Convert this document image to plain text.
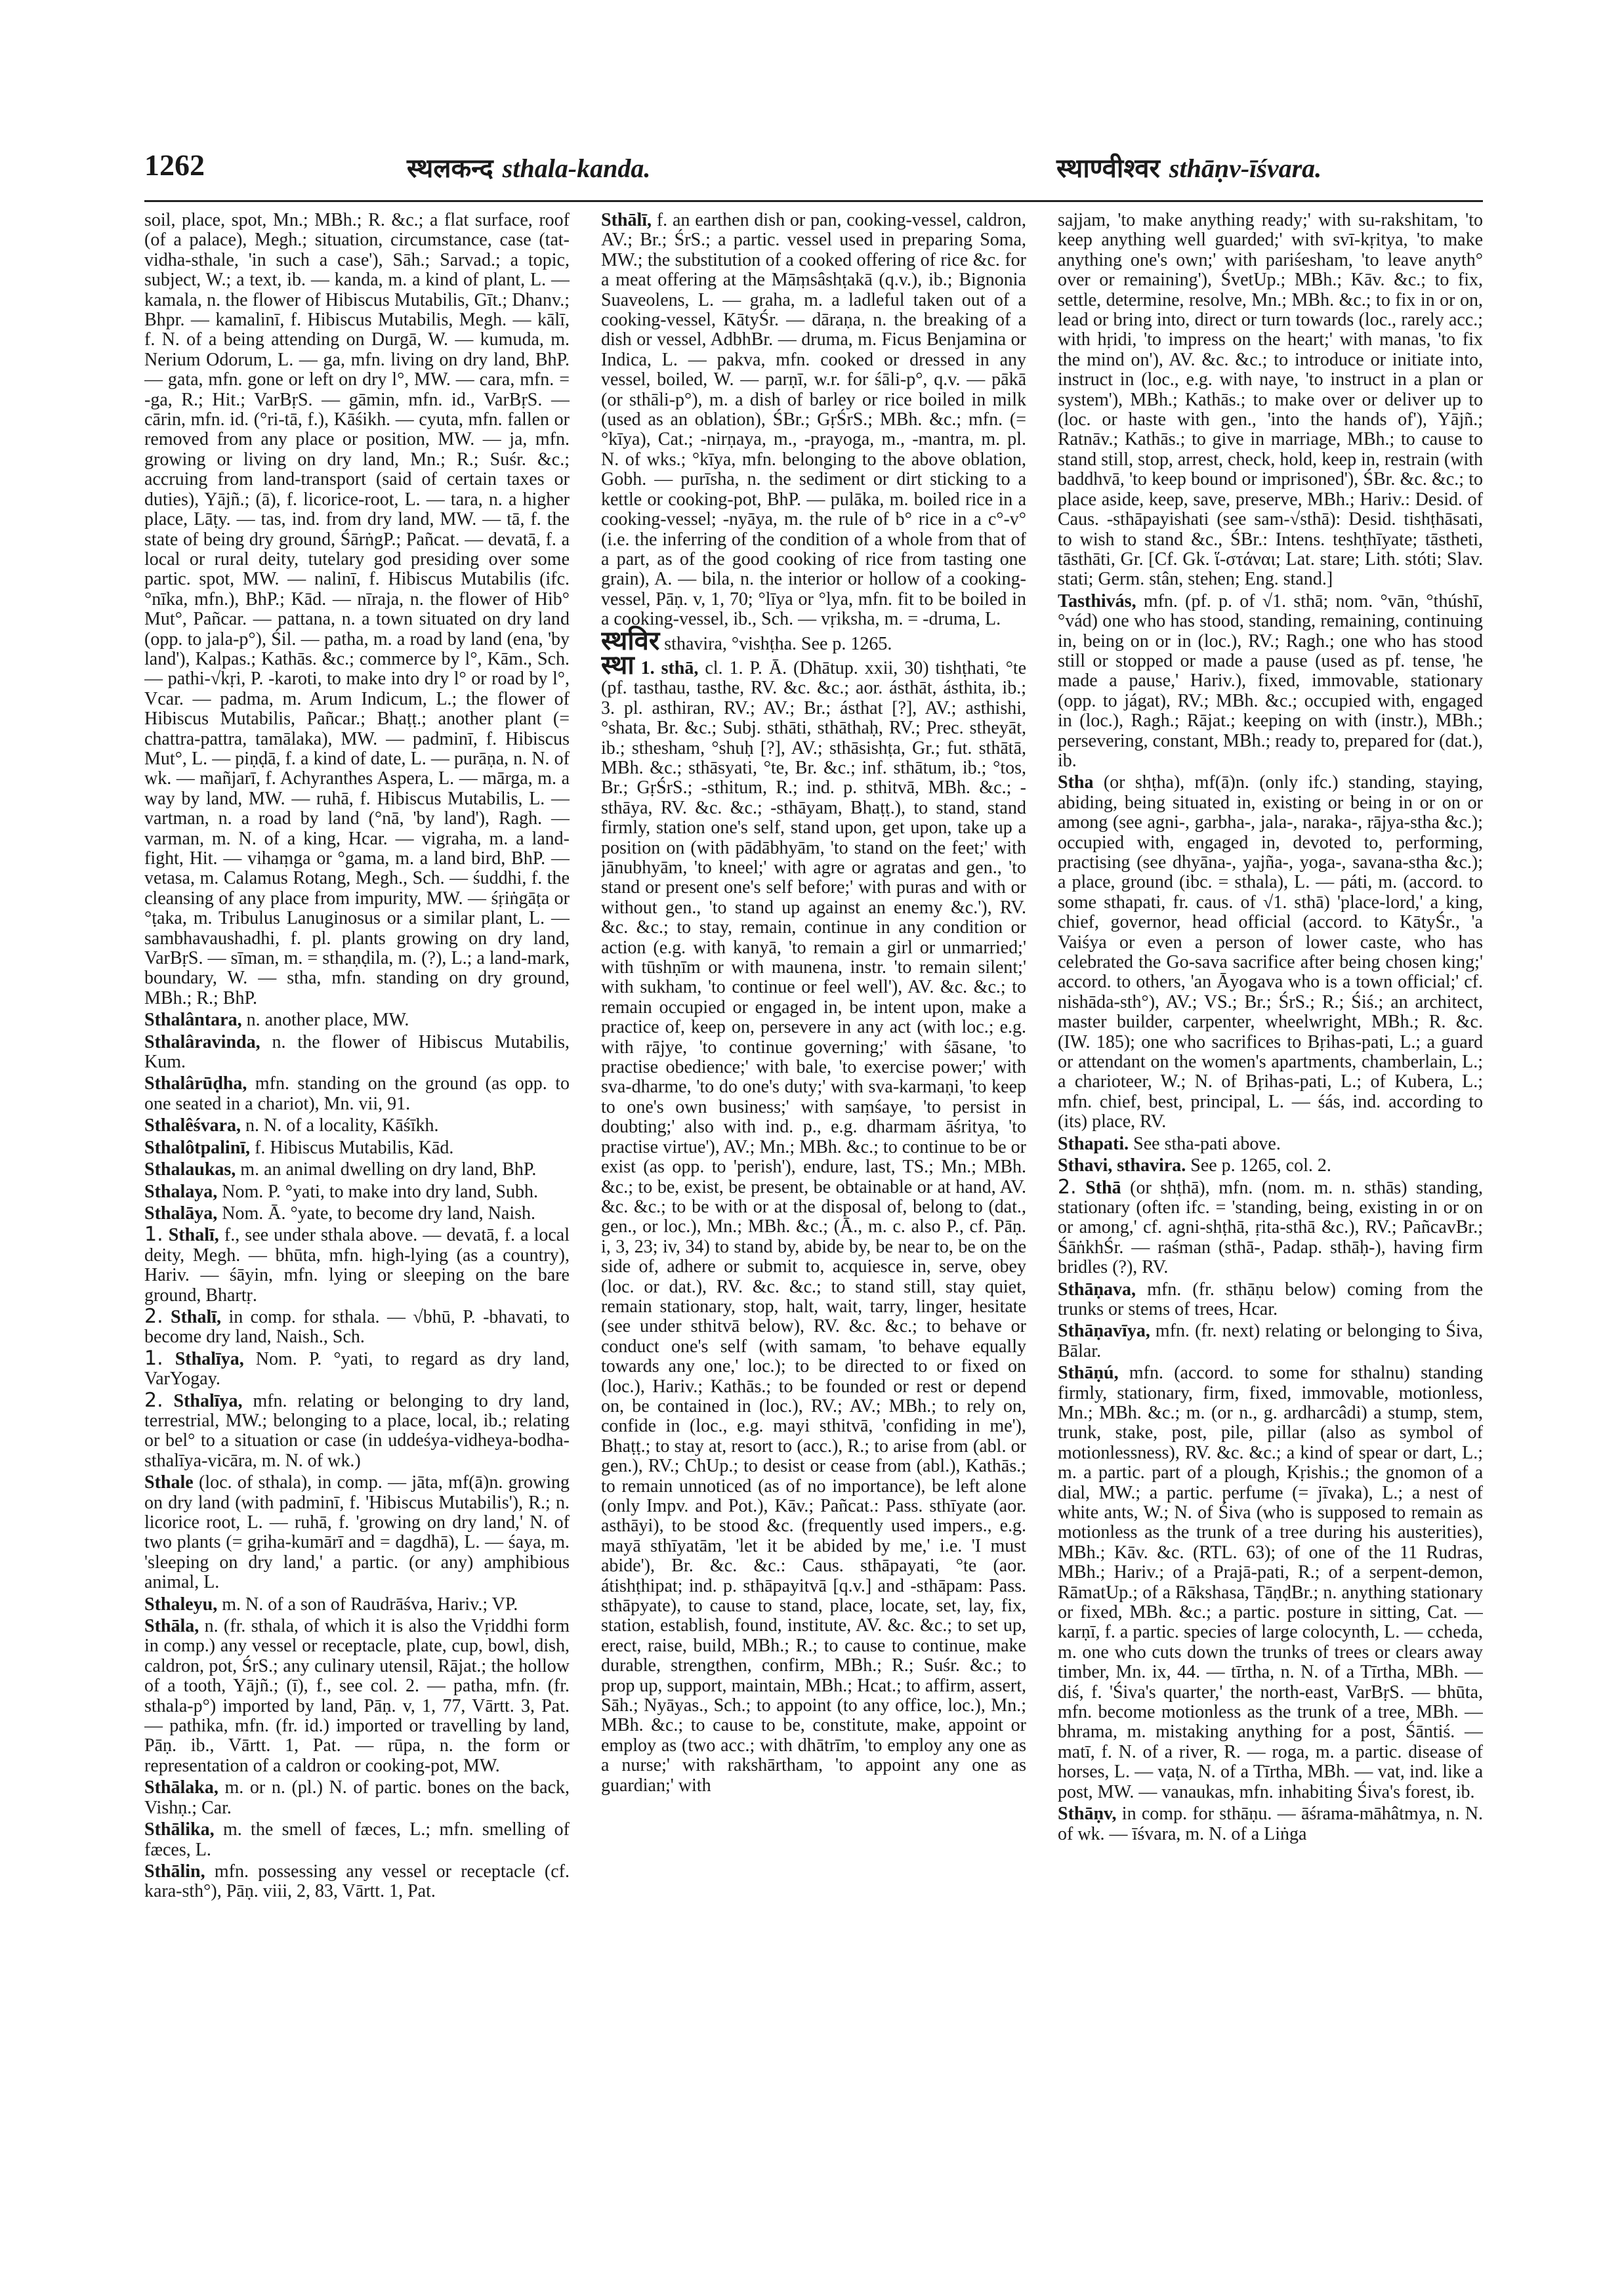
1262	स्थलकन्द sthala-kanda.	स्थाण्वीश्वर sthāṇv-īśvara.

soil, place, spot, Mn.; MBh.; R. &c.; a flat surface, roof (of a palace), Megh.; situation, circumstance, case (tat-vidha-sthale, 'in such a case'), Sāh.; Sarvad.; a topic, subject, W.; a text, ib. — kanda, m. a kind of plant, L. — kamala, n. the flower of Hibiscus Mutabilis, Gīt.; Dhanv.; Bhpr. — kamalinī, f. Hibiscus Mutabilis, Megh. — kālī, f. N. of a being attending on Durgā, W. — kumuda, m. Nerium Odorum, L. — ga, mfn. living on dry land, BhP. — gata, mfn. gone or left on dry l°, MW. — cara, mfn. = -ga, R.; Hit.; VarBṛS. — gāmin, mfn. id., VarBṛS. — cārin, mfn. id. (°ri-tā, f.), Kāśikh. — cyuta, mfn. fallen or removed from any place or position, MW. — ja, mfn. growing or living on dry land, Mn.; R.; Suśr. &c.; accruing from land-transport (said of certain taxes or duties), Yājñ.; (ā), f. licorice-root, L. — tara, n. a higher place, Lāṭy. — tas, ind. from dry land, MW. — tā, f. the state of being dry ground, ŚārṅgP.; Pañcat. — devatā, f. a local or rural deity, tutelary god presiding over some partic. spot, MW. — nalinī, f. Hibiscus Mutabilis (ifc. °nīka, mfn.), BhP.; Kād. — nīraja, n. the flower of Hib° Mut°, Pañcar. — pattana, n. a town situated on dry land (opp. to jala-p°), Śil. — patha, m. a road by land (ena, 'by land'), Kalpas.; Kathās. &c.; commerce by l°, Kām., Sch. — pathi-√kṛi, P. -karoti, to make into dry l° or road by l°, Vcar. — padma, m. Arum Indicum, L.; the flower of Hibiscus Mutabilis, Pañcar.; Bhaṭṭ.; another plant (= chattra-pattra, tamālaka), MW. — padminī, f. Hibiscus Mut°, L. — piṇḍā, f. a kind of date, L. — purāṇa, n. N. of wk. — mañjarī, f. Achyranthes Aspera, L. — mārga, m. a way by land, MW. — ruhā, f. Hibiscus Mutabilis, L. — vartman, n. a road by land (°nā, 'by land'), Ragh. — varman, m. N. of a king, Hcar. — vigraha, m. a land-fight, Hit. — vihaṃga or °gama, m. a land bird, BhP. — vetasa, m. Calamus Rotang, Megh., Sch. — śuddhi, f. the cleansing of any place from impurity, MW. — śṛiṅgāṭa or °ṭaka, m. Tribulus Lanuginosus or a similar plant, L. — sambhavaushadhi, f. pl. plants growing on dry land, VarBṛS. — sīman, m. = sthaṇḍila, m. (?), L.; a land-mark, boundary, W. — stha, mfn. standing on dry ground, MBh.; R.; BhP.

Sthalântara, n. another place, MW.

Sthalâravinda, n. the flower of Hibiscus Mutabilis, Kum.

Sthalârūḍha, mfn. standing on the ground (as opp. to one seated in a chariot), Mn. vii, 91.

Sthalêśvara, n. N. of a locality, Kāśīkh.

Sthalôtpalinī, f. Hibiscus Mutabilis, Kād.

Sthalaukas, m. an animal dwelling on dry land, BhP.

Sthalaya, Nom. P. °yati, to make into dry land, Subh.

Sthalāya, Nom. Ā. °yate, to become dry land, Naish.

1. Sthalī, f., see under sthala above. — devatā, f. a local deity, Megh. — bhūta, mfn. high-lying (as a country), Hariv. — śāyin, mfn. lying or sleeping on the bare ground, Bhartṛ.

2. Sthalī, in comp. for sthala. — √bhū, P. -bhavati, to become dry land, Naish., Sch.

1. Sthalīya, Nom. P. °yati, to regard as dry land, VarYogay.

2. Sthalīya, mfn. relating or belonging to dry land, terrestrial, MW.; belonging to a place, local, ib.; relating or bel° to a situation or case (in uddeśya-vidheya-bodha-sthalīya-vicāra, m. N. of wk.)

Sthale (loc. of sthala), in comp. — jāta, mf(ā)n. growing on dry land (with padminī, f. 'Hibiscus Mutabilis'), R.; n. licorice root, L. — ruhā, f. 'growing on dry land,' N. of two plants (= gṛiha-kumārī and = dagdhā), L. — śaya, m. 'sleeping on dry land,' a partic. (or any) amphibious animal, L.

Sthaleyu, m. N. of a son of Raudrāśva, Hariv.; VP.

Sthāla, n. (fr. sthala, of which it is also the Vṛiddhi form in comp.) any vessel or receptacle, plate, cup, bowl, dish, caldron, pot, ŚrS.; any culinary utensil, Rājat.; the hollow of a tooth, Yājñ.; (ī), f., see col. 2. — patha, mfn. (fr. sthala-p°) imported by land, Pāṇ. v, 1, 77, Vārtt. 3, Pat. — pathika, mfn. (fr. id.) imported or travelling by land, Pāṇ. ib., Vārtt. 1, Pat. — rūpa, n. the form or representation of a caldron or cooking-pot, MW.

Sthālaka, m. or n. (pl.) N. of partic. bones on the back, Vishṇ.; Car.

Sthālika, m. the smell of fæces, L.; mfn. smelling of fæces, L.

Sthālin, mfn. possessing any vessel or receptacle (cf. kara-sth°), Pāṇ. viii, 2, 83, Vārtt. 1, Pat.

Sthālī, f. an earthen dish or pan, cooking-vessel, caldron, AV.; Br.; ŚrS.; a partic. vessel used in preparing Soma, MW.; the substitution of a cooked offering of rice &c. for a meat offering at the Māṃsâshṭakā (q.v.), ib.; Bignonia Suaveolens, L. — graha, m. a ladleful taken out of a cooking-vessel, KātyŚr. — dāraṇa, n. the breaking of a dish or vessel, AdbhBr. — druma, m. Ficus Benjamina or Indica, L. — pakva, mfn. cooked or dressed in any vessel, boiled, W. — parṇī, w.r. for śāli-p°, q.v. — pākā (or sthāli-p°), m. a dish of barley or rice boiled in milk (used as an oblation), ŚBr.; GṛŚrS.; MBh. &c.; mfn. (= °kīya), Cat.; -nirṇaya, m., -prayoga, m., -mantra, m. pl. N. of wks.; °kīya, mfn. belonging to the above oblation, Gobh. — purīsha, n. the sediment or dirt sticking to a kettle or cooking-pot, BhP. — pulāka, m. boiled rice in a cooking-vessel; -nyāya, m. the rule of b° rice in a c°-v° (i.e. the inferring of the condition of a whole from that of a part, as of the good cooking of rice from tasting one grain), A. — bila, n. the interior or hollow of a cooking-vessel, Pāṇ. v, 1, 70; °līya or °lya, mfn. fit to be boiled in a cooking-vessel, ib., Sch. — vṛiksha, m. = -druma, L.

स्थविर sthavira, °vishṭha. See p. 1265.

स्था 1. sthā, cl. 1. P. Ā. (Dhātup. xxii, 30) tishṭhati, °te (pf. tasthau, tasthe, RV. &c. &c.; aor. ásthāt, ásthita, ib.; 3. pl. asthiran, RV.; AV.; Br.; ásthat [?], AV.; asthishi, °shata, Br. &c.; Subj. sthāti, sthāthaḥ, RV.; Prec. stheyāt, ib.; sthesham, °shuḥ [?], AV.; sthāsishṭa, Gr.; fut. sthātā, MBh. &c.; sthāsyati, °te, Br. &c.; inf. sthātum, ib.; °tos, Br.; GṛŚrS.; -sthitum, R.; ind. p. sthitvā, MBh. &c.; -sthāya, RV. &c. &c.; -sthāyam, Bhaṭṭ.), to stand, stand firmly, station one's self, stand upon, get upon, take up a position on (with pādābhyām, 'to stand on the feet;' with jānubhyām, 'to kneel;' with agre or agratas and gen., 'to stand or present one's self before;' with puras and with or without gen., 'to stand up against an enemy &c.'), RV. &c. &c.; to stay, remain, continue in any condition or action (e.g. with kanyā, 'to remain a girl or unmarried;' with tūshṇīm or with maunena, instr. 'to remain silent;' with sukham, 'to continue or feel well'), AV. &c. &c.; to remain occupied or engaged in, be intent upon, make a practice of, keep on, persevere in any act (with loc.; e.g. with rājye, 'to continue governing;' with śāsane, 'to practise obedience;' with bale, 'to exercise power;' with sva-dharme, 'to do one's duty;' with sva-karmaṇi, 'to keep to one's own business;' with saṃśaye, 'to persist in doubting;' also with ind. p., e.g. dharmam āśritya, 'to practise virtue'), AV.; Mn.; MBh. &c.; to continue to be or exist (as opp. to 'perish'), endure, last, TS.; Mn.; MBh. &c.; to be, exist, be present, be obtainable or at hand, AV. &c. &c.; to be with or at the disposal of, belong to (dat., gen., or loc.), Mn.; MBh. &c.; (Ā., m. c. also P., cf. Pāṇ. i, 3, 23; iv, 34) to stand by, abide by, be near to, be on the side of, adhere or submit to, acquiesce in, serve, obey (loc. or dat.), RV. &c. &c.; to stand still, stay quiet, remain stationary, stop, halt, wait, tarry, linger, hesitate (see under sthitvā below), RV. &c. &c.; to behave or conduct one's self (with samam, 'to behave equally towards any one,' loc.); to be directed to or fixed on (loc.), Hariv.; Kathās.; to be founded or rest or depend on, be contained in (loc.), RV.; AV.; MBh.; to rely on, confide in (loc., e.g. mayi sthitvā, 'confiding in me'), Bhaṭṭ.; to stay at, resort to (acc.), R.; to arise from (abl. or gen.), RV.; ChUp.; to desist or cease from (abl.), Kathās.; to remain unnoticed (as of no importance), be left alone (only Impv. and Pot.), Kāv.; Pañcat.: Pass. sthīyate (aor. asthāyi), to be stood &c. (frequently used impers., e.g. mayā sthīyatām, 'let it be abided by me,' i.e. 'I must abide'), Br. &c. &c.: Caus. sthāpayati, °te (aor. átishṭhipat; ind. p. sthāpayitvā [q.v.] and -sthāpam: Pass. sthāpyate), to cause to stand, place, locate, set, lay, fix, station, establish, found, institute, AV. &c. &c.; to set up, erect, raise, build, MBh.; R.; to cause to continue, make durable, strengthen, confirm, MBh.; R.; Suśr. &c.; to prop up, support, maintain, MBh.; Hcat.; to affirm, assert, Sāh.; Nyāyas., Sch.; to appoint (to any office, loc.), Mn.; MBh. &c.; to cause to be, constitute, make, appoint or employ as (two acc.; with dhātrīm, 'to employ any one as a nurse;' with rakshārtham, 'to appoint any one as guardian;' with

sajjam, 'to make anything ready;' with su-rakshitam, 'to keep anything well guarded;' with svī-kṛitya, 'to make anything one's own;' with pariśesham, 'to leave anyth° over or remaining'), ŚvetUp.; MBh.; Kāv. &c.; to fix, settle, determine, resolve, Mn.; MBh. &c.; to fix in or on, lead or bring into, direct or turn towards (loc., rarely acc.; with hṛidi, 'to impress on the heart;' with manas, 'to fix the mind on'), AV. &c. &c.; to introduce or initiate into, instruct in (loc., e.g. with naye, 'to instruct in a plan or system'), MBh.; Kathās.; to make over or deliver up to (loc. or haste with gen., 'into the hands of'), Yājñ.; Ratnāv.; Kathās.; to give in marriage, MBh.; to cause to stand still, stop, arrest, check, hold, keep in, restrain (with baddhvā, 'to keep bound or imprisoned'), ŚBr. &c. &c.; to place aside, keep, save, preserve, MBh.; Hariv.: Desid. of Caus. -sthāpayishati (see sam-√sthā): Desid. tishṭhāsati, to wish to stand &c., ŚBr.: Intens. teshṭhīyate; tāstheti, tāsthāti, Gr. [Cf. Gk. ἵ-στάναι; Lat. stare; Lith. stóti; Slav. stati; Germ. stân, stehen; Eng. stand.]

Tasthivás, mfn. (pf. p. of √1. sthā; nom. °vān, °thúshī, °vád) one who has stood, standing, remaining, continuing in, being on or in (loc.), RV.; Ragh.; one who has stood still or stopped or made a pause (used as pf. tense, 'he made a pause,' Hariv.), fixed, immovable, stationary (opp. to jágat), RV.; MBh. &c.; occupied with, engaged in (loc.), Ragh.; Rājat.; keeping on with (instr.), MBh.; persevering, constant, MBh.; ready to, prepared for (dat.), ib.

Stha (or shṭha), mf(ā)n. (only ifc.) standing, staying, abiding, being situated in, existing or being in or on or among (see agni-, garbha-, jala-, naraka-, rājya-stha &c.); occupied with, engaged in, devoted to, performing, practising (see dhyāna-, yajña-, yoga-, savana-stha &c.); a place, ground (ibc. = sthala), L. — páti, m. (accord. to some sthapati, fr. caus. of √1. sthā) 'place-lord,' a king, chief, governor, head official (accord. to KātyŚr., 'a Vaiśya or even a person of lower caste, who has celebrated the Go-sava sacrifice after being chosen king;' accord. to others, 'an Āyogava who is a town official;' cf. nishāda-sth°), AV.; VS.; Br.; ŚrS.; R.; Śiś.; an architect, master builder, carpenter, wheelwright, MBh.; R. &c. (IW. 185); one who sacrifices to Bṛihas-pati, L.; a guard or attendant on the women's apartments, chamberlain, L.; a charioteer, W.; N. of Bṛihas-pati, L.; of Kubera, L.; mfn. chief, best, principal, L. — śás, ind. according to (its) place, RV.

Sthapati. See stha-pati above.

Sthavi, sthavira. See p. 1265, col. 2.

2. Sthā (or shṭhā), mfn. (nom. m. n. sthās) standing, stationary (often ifc. = 'standing, being, existing in or on or among,' cf. agni-shṭhā, ṛita-sthā &c.), RV.; PañcavBr.; ŚāṅkhŚr. — raśman (sthā-, Padap. sthāḥ-), having firm bridles (?), RV.

Sthāṇava, mfn. (fr. sthāṇu below) coming from the trunks or stems of trees, Hcar.

Sthāṇavīya, mfn. (fr. next) relating or belonging to Śiva, Bālar.

Sthāṇú, mfn. (accord. to some for sthalnu) standing firmly, stationary, firm, fixed, immovable, motionless, Mn.; MBh. &c.; m. (or n., g. ardharcâdi) a stump, stem, trunk, stake, post, pile, pillar (also as symbol of motionlessness), RV. &c. &c.; a kind of spear or dart, L.; m. a partic. part of a plough, Kṛishis.; the gnomon of a dial, MW.; a partic. perfume (= jīvaka), L.; a nest of white ants, W.; N. of Śiva (who is supposed to remain as motionless as the trunk of a tree during his austerities), MBh.; Kāv. &c. (RTL. 63); of one of the 11 Rudras, MBh.; Hariv.; of a Prajā-pati, R.; of a serpent-demon, RāmatUp.; of a Rākshasa, TāṇḍBr.; n. anything stationary or fixed, MBh. &c.; a partic. posture in sitting, Cat. — karṇī, f. a partic. species of large colocynth, L. — ccheda, m. one who cuts down the trunks of trees or clears away timber, Mn. ix, 44. — tīrtha, n. N. of a Tīrtha, MBh. — diś, f. 'Śiva's quarter,' the north-east, VarBṛS. — bhūta, mfn. become motionless as the trunk of a tree, MBh. — bhrama, m. mistaking anything for a post, Śāntiś. — matī, f. N. of a river, R. — roga, m. a partic. disease of horses, L. — vaṭa, N. of a Tīrtha, MBh. — vat, ind. like a post, MW. — vanaukas, mfn. inhabiting Śiva's forest, ib.

Sthāṇv, in comp. for sthāṇu. — āśrama-māhâtmya, n. N. of wk. — īśvara, m. N. of a Liṅga
